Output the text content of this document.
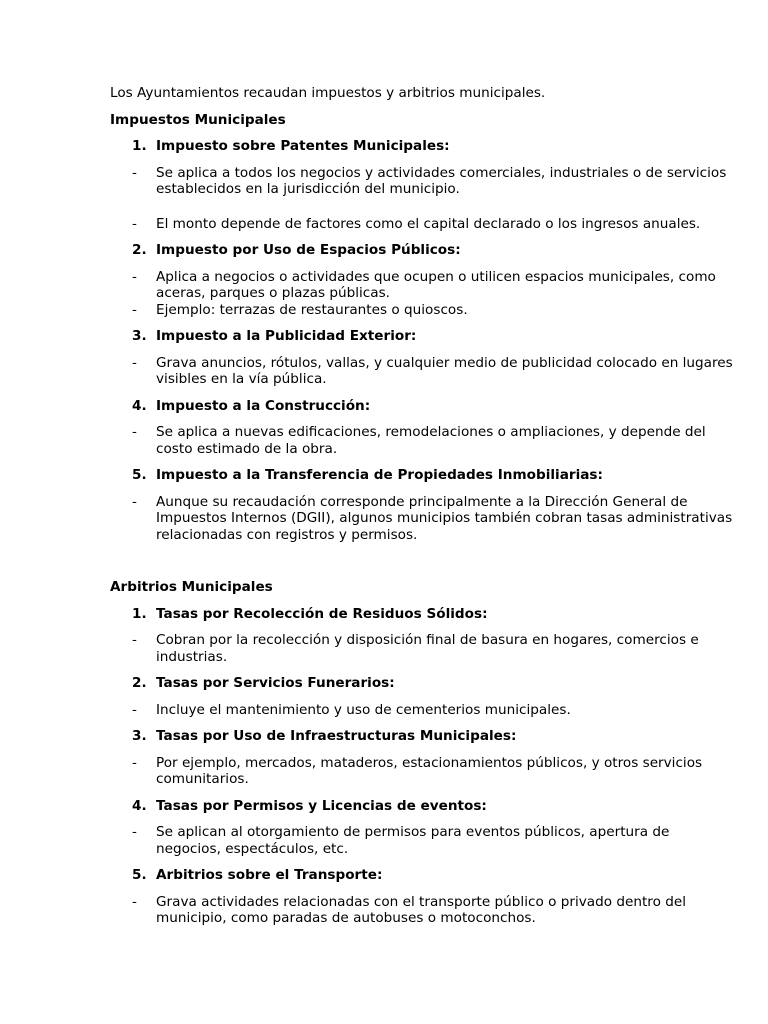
Los Ayuntamientos recaudan impuestos y arbitrios municipales.

Impuestos Municipales
1. Impuesto sobre Patentes Municipales:
- Se aplica a todos los negocios y actividades comerciales, industriales o de servicios establecidos en la jurisdicción del municipio.
- El monto depende de factores como el capital declarado o los ingresos anuales.
2. Impuesto por Uso de Espacios Públicos:
- Aplica a negocios o actividades que ocupen o utilicen espacios municipales, como aceras, parques o plazas públicas.
- Ejemplo: terrazas de restaurantes o quioscos.
3. Impuesto a la Publicidad Exterior:
- Grava anuncios, rótulos, vallas, y cualquier medio de publicidad colocado en lugares visibles en la vía pública.
4. Impuesto a la Construcción:
- Se aplica a nuevas edificaciones, remodelaciones o ampliaciones, y depende del costo estimado de la obra.
5. Impuesto a la Transferencia de Propiedades Inmobiliarias:
- Aunque su recaudación corresponde principalmente a la Dirección General de Impuestos Internos (DGII), algunos municipios también cobran tasas administrativas relacionadas con registros y permisos.
Arbitrios Municipales
1. Tasas por Recolección de Residuos Sólidos:
- Cobran por la recolección y disposición final de basura en hogares, comercios e industrias.
2. Tasas por Servicios Funerarios:
- Incluye el mantenimiento y uso de cementerios municipales.
3. Tasas por Uso de Infraestructuras Municipales:
- Por ejemplo, mercados, mataderos, estacionamientos públicos, y otros servicios comunitarios.
4. Tasas por Permisos y Licencias de eventos:
- Se aplican al otorgamiento de permisos para eventos públicos, apertura de negocios, espectáculos, etc.
5. Arbitrios sobre el Transporte:
- Grava actividades relacionadas con el transporte público o privado dentro del municipio, como paradas de autobuses o motoconchos.
